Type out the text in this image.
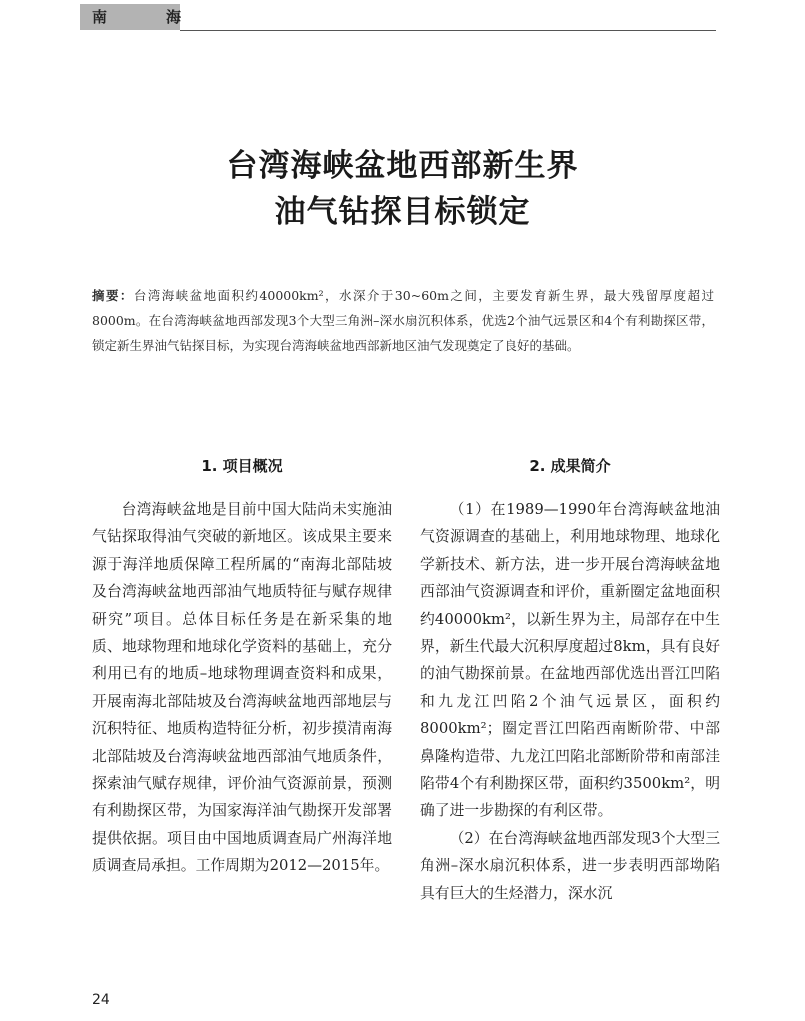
南　海
台湾海峡盆地西部新生界
油气钻探目标锁定
摘要：台湾海峡盆地面积约40000km²，水深介于30~60m之间，主要发育新生界，最大残留厚度超过8000m。在台湾海峡盆地西部发现3个大型三角洲–深水扇沉积体系，优选2个油气远景区和4个有利勘探区带，锁定新生界油气钻探目标，为实现台湾海峡盆地西部新地区油气发现奠定了良好的基础。
1. 项目概况

台湾海峡盆地是目前中国大陆尚未实施油气钻探取得油气突破的新地区。该成果主要来源于海洋地质保障工程所属的“南海北部陆坡及台湾海峡盆地西部油气地质特征与赋存规律研究”项目。总体目标任务是在新采集的地质、地球物理和地球化学资料的基础上，充分利用已有的地质–地球物理调查资料和成果，开展南海北部陆坡及台湾海峡盆地西部地层与沉积特征、地质构造特征分析，初步摸清南海北部陆坡及台湾海峡盆地西部油气地质条件，探索油气赋存规律，评价油气资源前景，预测有利勘探区带，为国家海洋油气勘探开发部署提供依据。项目由中国地质调查局广州海洋地质调查局承担。工作周期为2012—2015年。

2. 成果简介

（1）在1989—1990年台湾海峡盆地油气资源调查的基础上，利用地球物理、地球化学新技术、新方法，进一步开展台湾海峡盆地西部油气资源调查和评价，重新圈定盆地面积约40000km²，以新生界为主，局部存在中生界，新生代最大沉积厚度超过8km，具有良好的油气勘探前景。在盆地西部优选出晋江凹陷和九龙江凹陷2个油气远景区，面积约8000km²；圈定晋江凹陷西南断阶带、中部鼻隆构造带、九龙江凹陷北部断阶带和南部洼陷带4个有利勘探区带，面积约3500km²，明确了进一步勘探的有利区带。

（2）在台湾海峡盆地西部发现3个大型三角洲–深水扇沉积体系，进一步表明西部坳陷具有巨大的生烃潜力，深水沉

24
